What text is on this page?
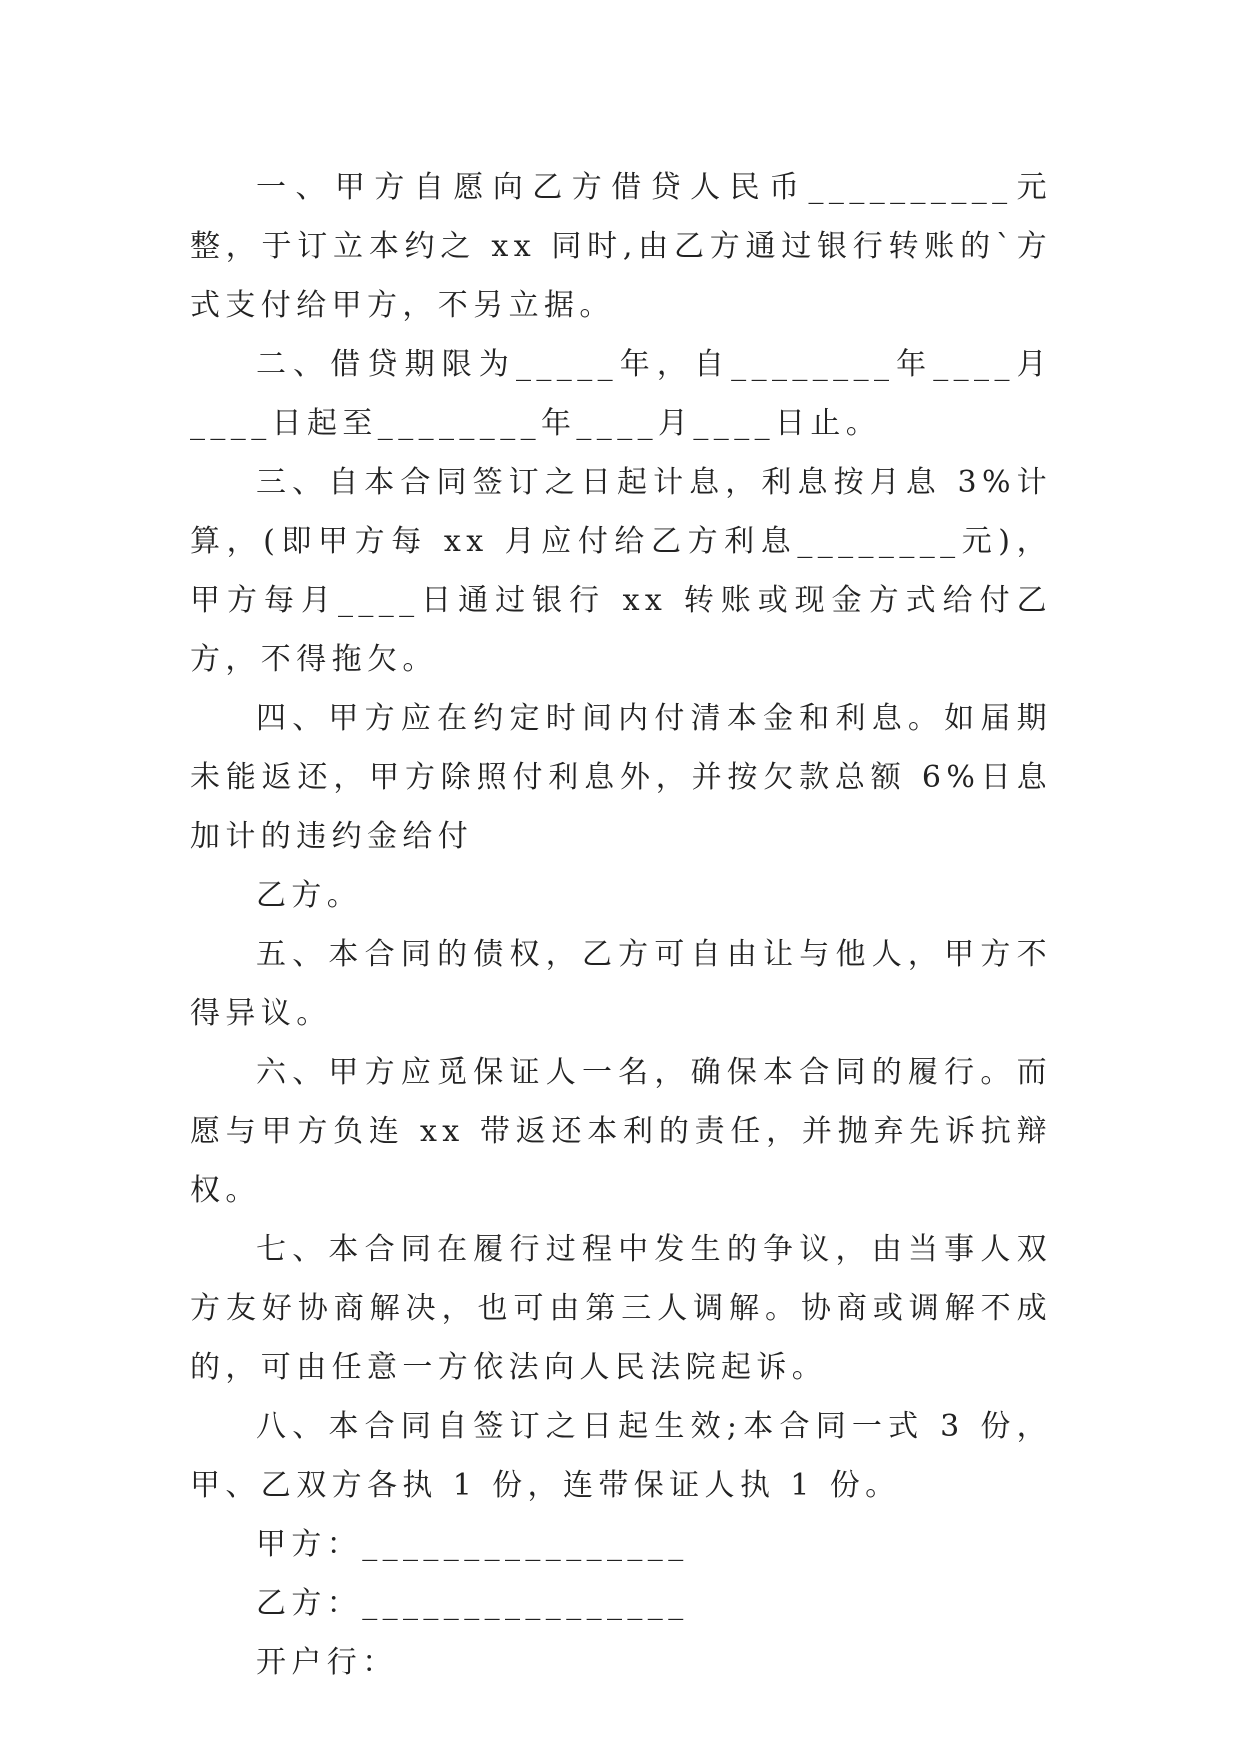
一、甲方自愿向乙方借贷人民币__________元整，于订立本约之 xx 同时,由乙方通过银行转账的`方式支付给甲方，不另立据。

二、借贷期限为_____年，自________年____月____日起至________年____月____日止。

三、自本合同签订之日起计息，利息按月息 3%计算，(即甲方每 xx 月应付给乙方利息________元)，甲方每月____日通过银行 xx 转账或现金方式给付乙方，不得拖欠。

四、甲方应在约定时间内付清本金和利息。如届期未能返还，甲方除照付利息外，并按欠款总额 6%日息加计的违约金给付

乙方。

五、本合同的债权，乙方可自由让与他人，甲方不得异议。

六、甲方应觅保证人一名，确保本合同的履行。而愿与甲方负连 xx 带返还本利的责任，并抛弃先诉抗辩权。

七、本合同在履行过程中发生的争议，由当事人双方友好协商解决，也可由第三人调解。协商或调解不成的，可由任意一方依法向人民法院起诉。

八、本合同自签订之日起生效;本合同一式 3 份，甲、乙双方各执 1 份，连带保证人执 1 份。

甲方：________________

乙方：________________

开户行：
